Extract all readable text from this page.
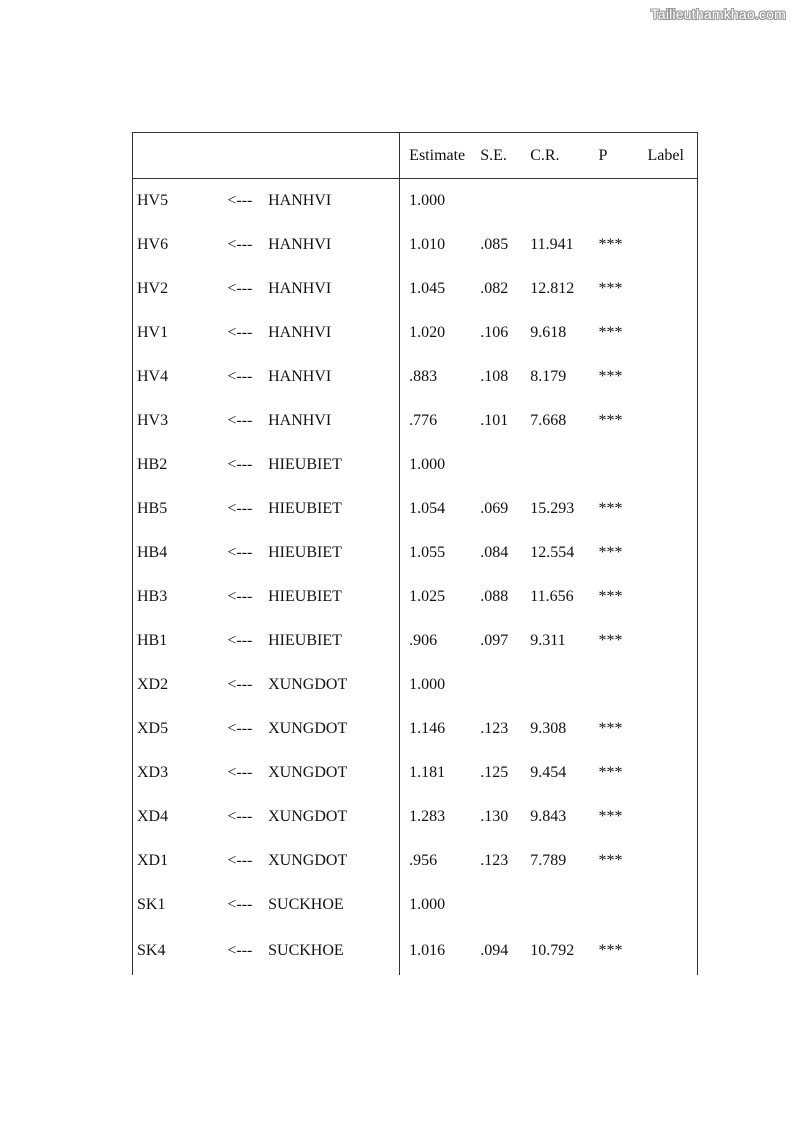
Tailieuthamkhao.com
			Estimate	S.E.	C.R.	P	Label
HV5	<---	HANHVI	1.000				
HV6	<---	HANHVI	1.010	.085	11.941	***	
HV2	<---	HANHVI	1.045	.082	12.812	***	
HV1	<---	HANHVI	1.020	.106	9.618	***	
HV4	<---	HANHVI	.883	.108	8.179	***	
HV3	<---	HANHVI	.776	.101	7.668	***	
HB2	<---	HIEUBIET	1.000				
HB5	<---	HIEUBIET	1.054	.069	15.293	***	
HB4	<---	HIEUBIET	1.055	.084	12.554	***	
HB3	<---	HIEUBIET	1.025	.088	11.656	***	
HB1	<---	HIEUBIET	.906	.097	9.311	***	
XD2	<---	XUNGDOT	1.000				
XD5	<---	XUNGDOT	1.146	.123	9.308	***	
XD3	<---	XUNGDOT	1.181	.125	9.454	***	
XD4	<---	XUNGDOT	1.283	.130	9.843	***	
XD1	<---	XUNGDOT	.956	.123	7.789	***	
SK1	<---	SUCKHOE	1.000				
SK4	<---	SUCKHOE	1.016	.094	10.792	***	
